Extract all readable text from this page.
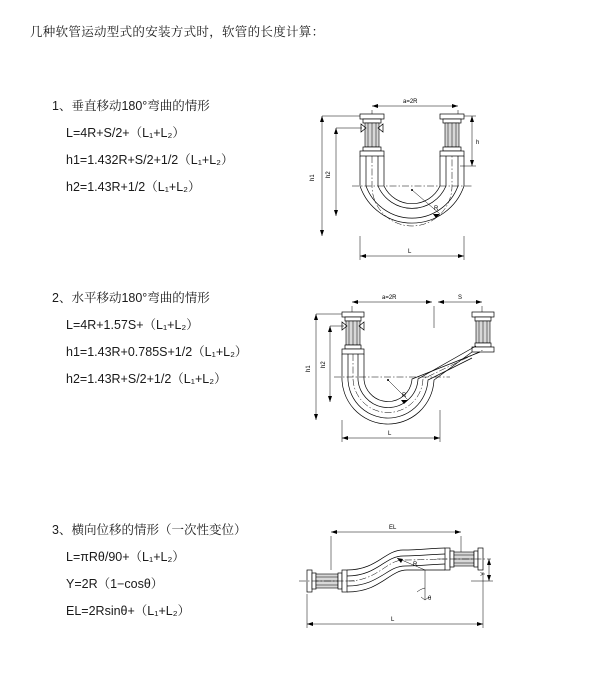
几种软管运动型式的安装方式时，软管的长度计算：

1、垂直移动180°弯曲的情形

L=4R+S/2+（L₁+L₂）

h1=1.432R+S/2+1/2（L₁+L₂）

h2=1.43R+1/2（L₁+L₂）

a=2R
h
h1 h2
R
L

2、水平移动180°弯曲的情形

L=4R+1.57S+（L₁+L₂）

h1=1.43R+0.785S+1/2（L₁+L₂）

h2=1.43R+S/2+1/2（L₁+L₂）

a=2R	S
h1
h2
R
L

3、横向位移的情形（一次性变位）

L=πRθ/90+（L₁+L₂）

Y=2R（1−cosθ）

EL=2Rsinθ+（L₁+L₂）

EL
Y
R
θ
L
